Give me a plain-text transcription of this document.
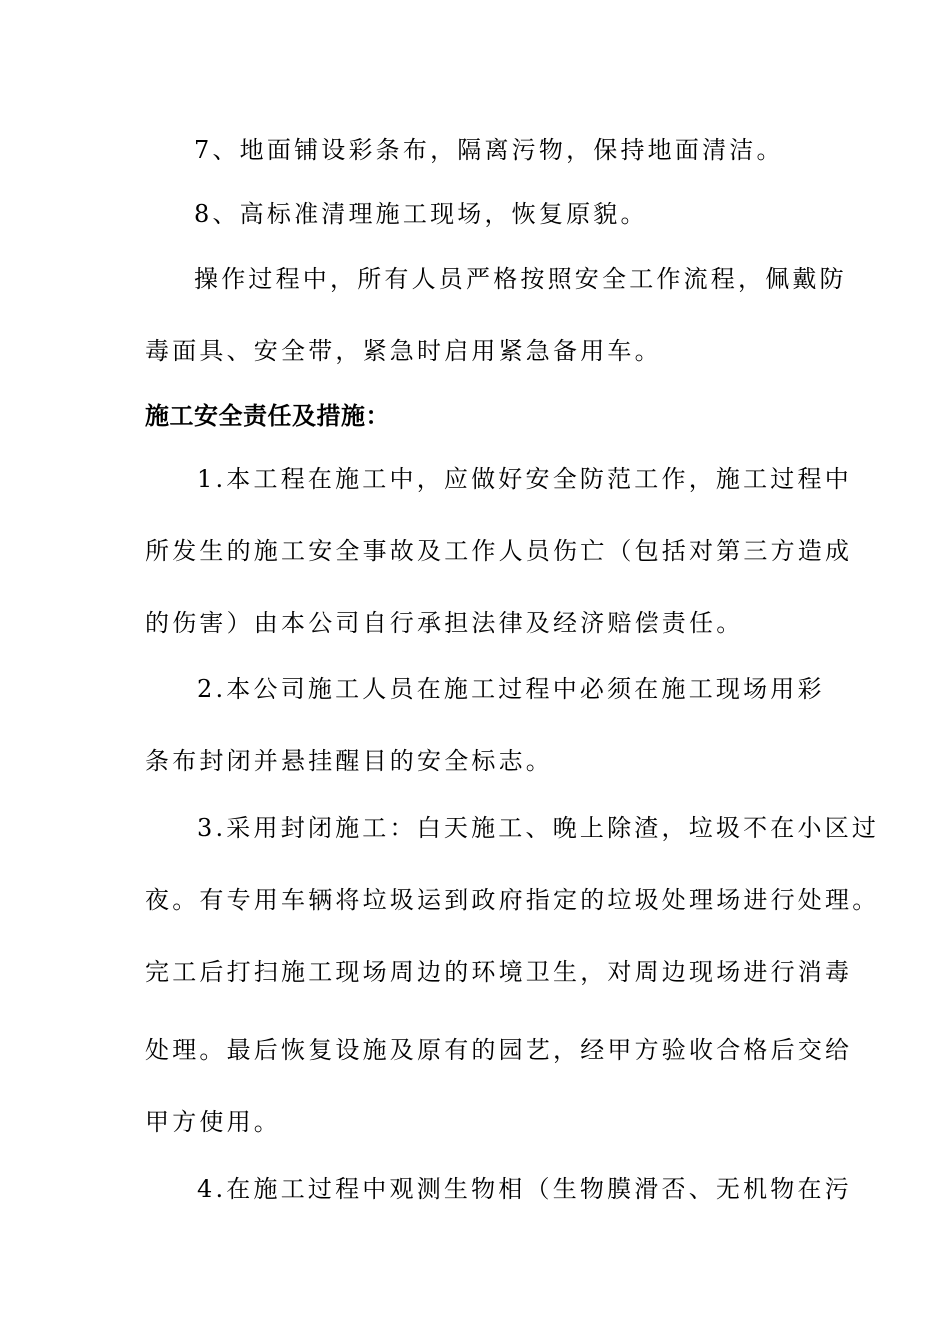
7、地面铺设彩条布，隔离污物，保持地面清洁。
8、高标准清理施工现场，恢复原貌。
操作过程中，所有人员严格按照安全工作流程，佩戴防
毒面具、安全带，紧急时启用紧急备用车。
施工安全责任及措施：
1.本工程在施工中，应做好安全防范工作，施工过程中
所发生的施工安全事故及工作人员伤亡（包括对第三方造成
的伤害）由本公司自行承担法律及经济赔偿责任。
2.本公司施工人员在施工过程中必须在施工现场用彩
条布封闭并悬挂醒目的安全标志。
3.采用封闭施工：白天施工、晚上除渣，垃圾不在小区过
夜。有专用车辆将垃圾运到政府指定的垃圾处理场进行处理。
完工后打扫施工现场周边的环境卫生，对周边现场进行消毒
处理。最后恢复设施及原有的园艺，经甲方验收合格后交给
甲方使用。
4.在施工过程中观测生物相（生物膜滑否、无机物在污
